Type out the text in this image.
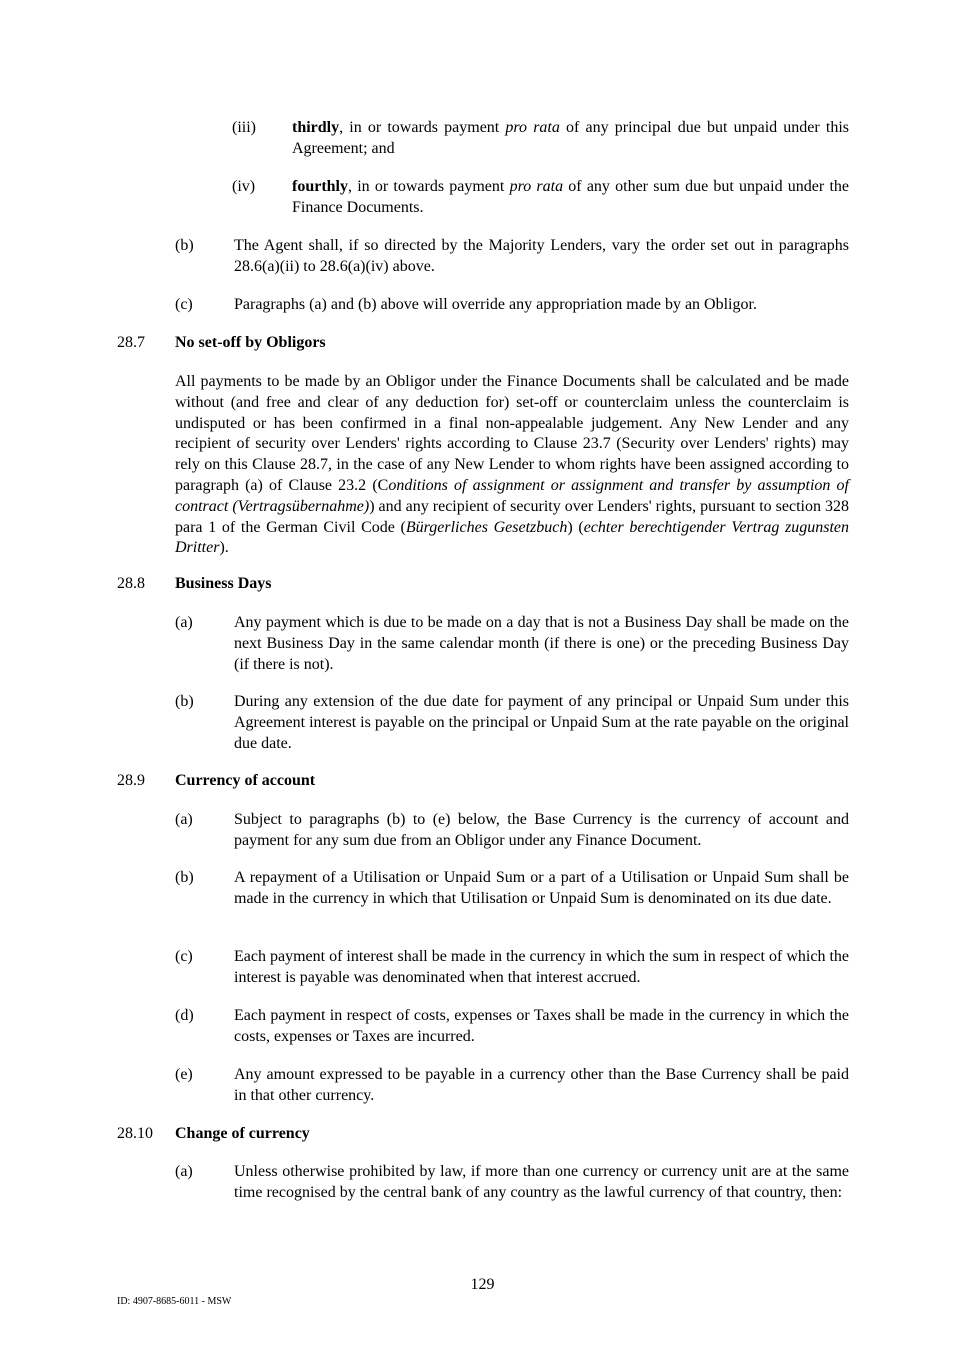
(iii) thirdly, in or towards payment pro rata of any principal due but unpaid under this Agreement; and
(iv) fourthly, in or towards payment pro rata of any other sum due but unpaid under the Finance Documents.
(b)	The Agent shall, if so directed by the Majority Lenders, vary the order set out in paragraphs 28.6(a)(ii) to 28.6(a)(iv) above.
(c)	Paragraphs (a) and (b) above will override any appropriation made by an Obligor.
28.7 No set-off by Obligors
All payments to be made by an Obligor under the Finance Documents shall be calculated and be made without (and free and clear of any deduction for) set-off or counterclaim unless the counterclaim is undisputed or has been confirmed in a final non-appealable judgement. Any New Lender and any recipient of security over Lenders' rights according to Clause 23.7 (Security over Lenders' rights) may rely on this Clause 28.7, in the case of any New Lender to whom rights have been assigned according to paragraph (a) of Clause 23.2 (Conditions of assignment or assignment and transfer by assumption of contract (Vertragsübernahme)) and any recipient of security over Lenders' rights, pursuant to section 328 para 1 of the German Civil Code (Bürgerliches Gesetzbuch) (echter berechtigender Vertrag zugunsten Dritter).
28.8 Business Days
(a)	Any payment which is due to be made on a day that is not a Business Day shall be made on the next Business Day in the same calendar month (if there is one) or the preceding Business Day (if there is not).
(b)	During any extension of the due date for payment of any principal or Unpaid Sum under this Agreement interest is payable on the principal or Unpaid Sum at the rate payable on the original due date.
28.9 Currency of account
(a)	Subject to paragraphs (b) to (e) below, the Base Currency is the currency of account and payment for any sum due from an Obligor under any Finance Document.
(b)	A repayment of a Utilisation or Unpaid Sum or a part of a Utilisation or Unpaid Sum shall be made in the currency in which that Utilisation or Unpaid Sum is denominated on its due date.
(c)	Each payment of interest shall be made in the currency in which the sum in respect of which the interest is payable was denominated when that interest accrued.
(d)	Each payment in respect of costs, expenses or Taxes shall be made in the currency in which the costs, expenses or Taxes are incurred.
(e)	Any amount expressed to be payable in a currency other than the Base Currency shall be paid in that other currency.
28.10 Change of currency
(a)	Unless otherwise prohibited by law, if more than one currency or currency unit are at the same time recognised by the central bank of any country as the lawful currency of that country, then:
129
ID: 4907-8685-6011 - MSW
